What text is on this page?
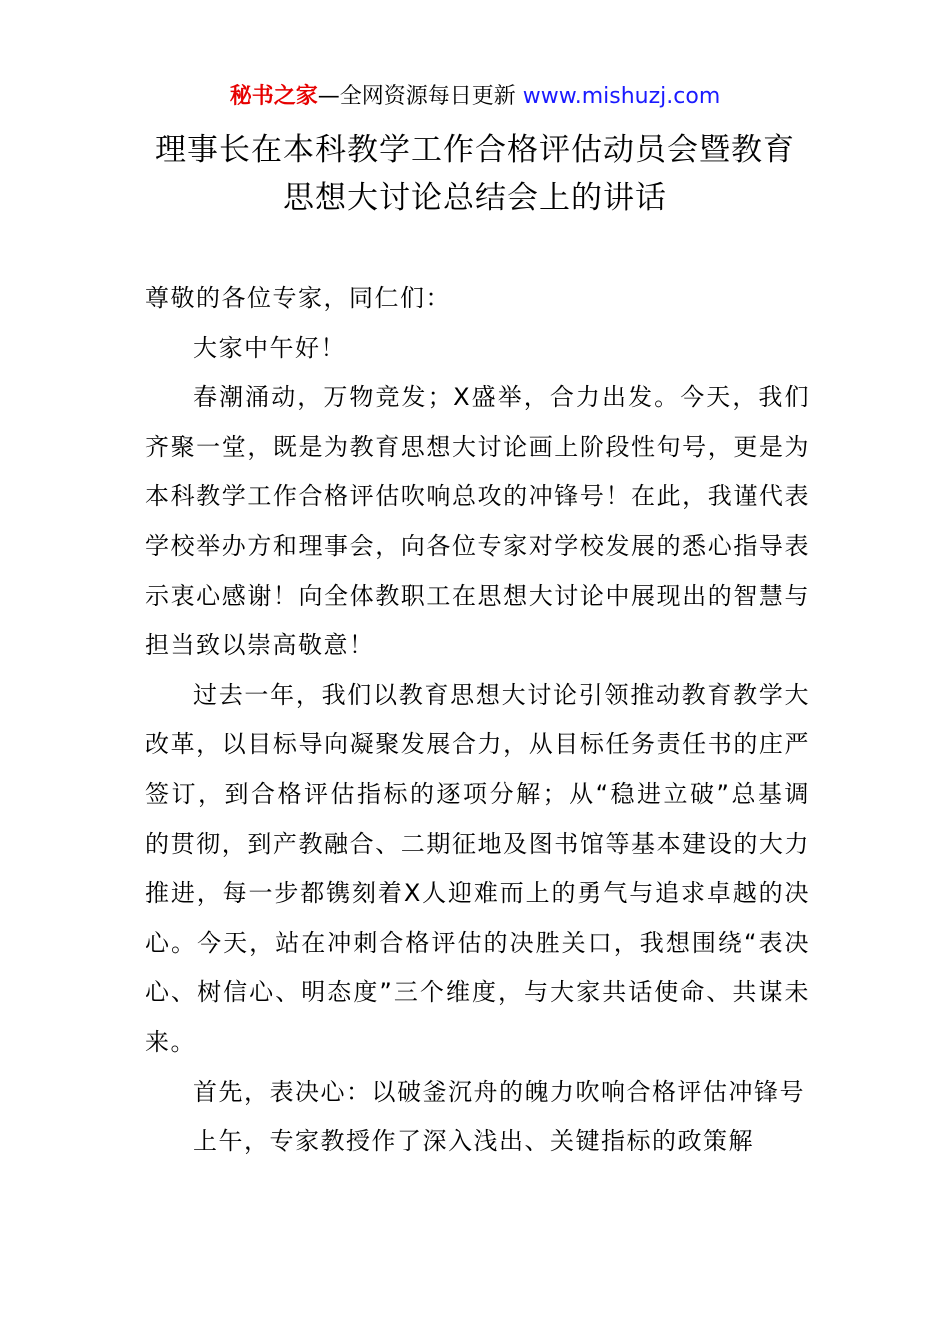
秘书之家—全网资源每日更新 www.mishuzj.com
理事长在本科教学工作合格评估动员会暨教育
思想大讨论总结会上的讲话

尊敬的各位专家，同仁们：

大家中午好！

春潮涌动，万物竞发；X盛举，合力出发。今天，我们齐聚一堂，既是为教育思想大讨论画上阶段性句号，更是为本科教学工作合格评估吹响总攻的冲锋号！在此，我谨代表学校举办方和理事会，向各位专家对学校发展的悉心指导表示衷心感谢！向全体教职工在思想大讨论中展现出的智慧与担当致以崇高敬意！

过去一年，我们以教育思想大讨论引领推动教育教学大改革，以目标导向凝聚发展合力，从目标任务责任书的庄严签订，到合格评估指标的逐项分解；从“稳进立破”总基调的贯彻，到产教融合、二期征地及图书馆等基本建设的大力推进，每一步都镌刻着X人迎难而上的勇气与追求卓越的决心。今天，站在冲刺合格评估的决胜关口，我想围绕“表决心、树信心、明态度”三个维度，与大家共话使命、共谋未来。

首先，表决心：以破釜沉舟的魄力吹响合格评估冲锋号

上午，专家教授作了深入浅出、关键指标的政策解
